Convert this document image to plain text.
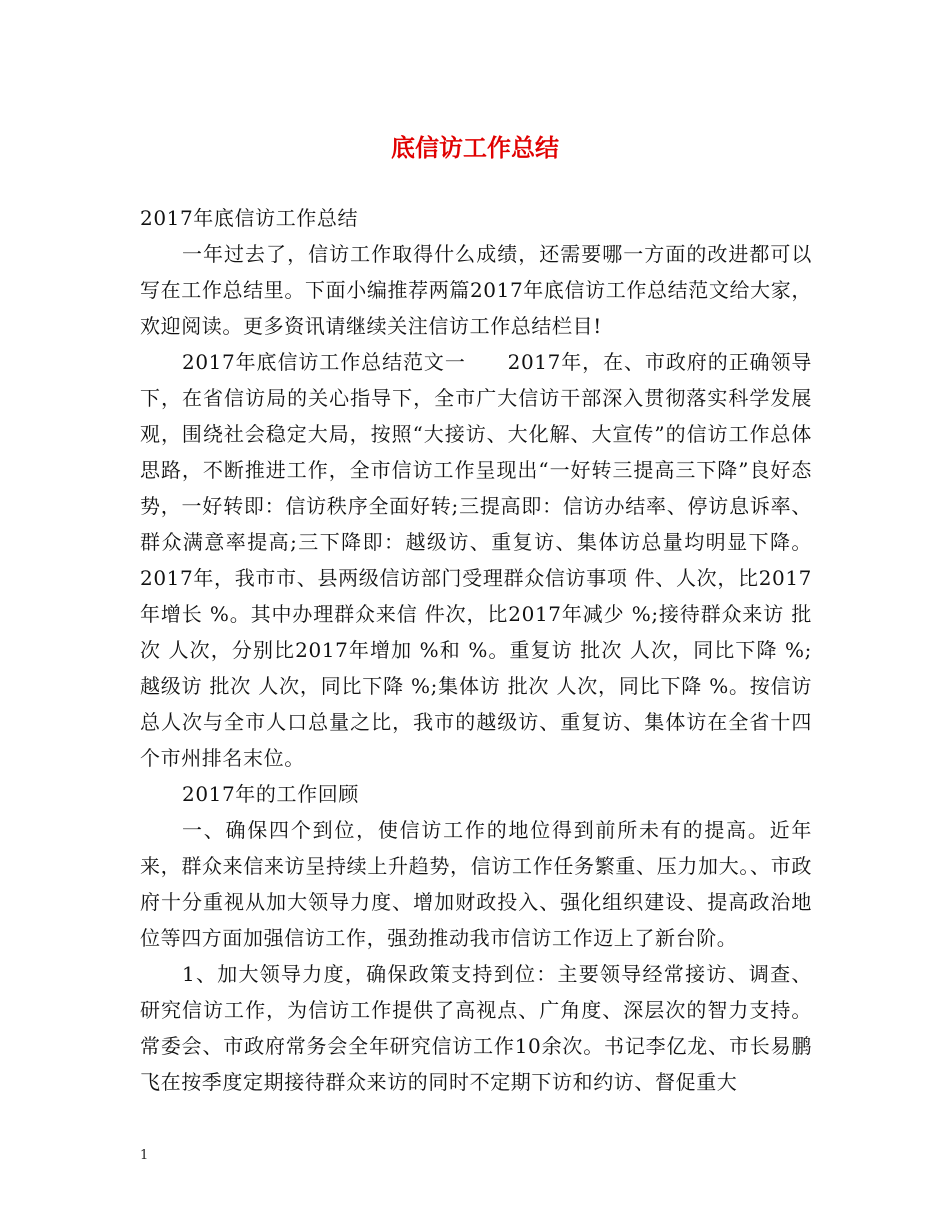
底信访工作总结

2017年底信访工作总结

一年过去了，信访工作取得什么成绩，还需要哪一方面的改进都可以写在工作总结里。下面小编推荐两篇2017年底信访工作总结范文给大家，欢迎阅读。更多资讯请继续关注信访工作总结栏目!

2017年底信访工作总结范文一　　2017年，在、市政府的正确领导下，在省信访局的关心指导下，全市广大信访干部深入贯彻落实科学发展观，围绕社会稳定大局，按照“大接访、大化解、大宣传”的信访工作总体思路，不断推进工作，全市信访工作呈现出“一好转三提高三下降”良好态势，一好转即：信访秩序全面好转;三提高即：信访办结率、停访息诉率、群众满意率提高;三下降即：越级访、重复访、集体访总量均明显下降。 2017年，我市市、县两级信访部门受理群众信访事项 件、人次，比2017年增长 %。其中办理群众来信 件次，比2017年减少 %;接待群众来访 批次 人次，分别比2017年增加 %和 %。重复访 批次 人次，同比下降 %;越级访 批次 人次，同比下降 %;集体访 批次 人次，同比下降 %。按信访总人次与全市人口总量之比，我市的越级访、重复访、集体访在全省十四个市州排名末位。

2017年的工作回顾

一、确保四个到位，使信访工作的地位得到前所未有的提高。近年来，群众来信来访呈持续上升趋势，信访工作任务繁重、压力加大。、市政府十分重视从加大领导力度、增加财政投入、强化组织建设、提高政治地位等四方面加强信访工作，强劲推动我市信访工作迈上了新台阶。

1、加大领导力度，确保政策支持到位：主要领导经常接访、调查、研究信访工作，为信访工作提供了高视点、广角度、深层次的智力支持。常委会、市政府常务会全年研究信访工作10余次。书记李亿龙、市长易鹏飞在按季度定期接待群众来访的同时不定期下访和约访、督促重大

1
